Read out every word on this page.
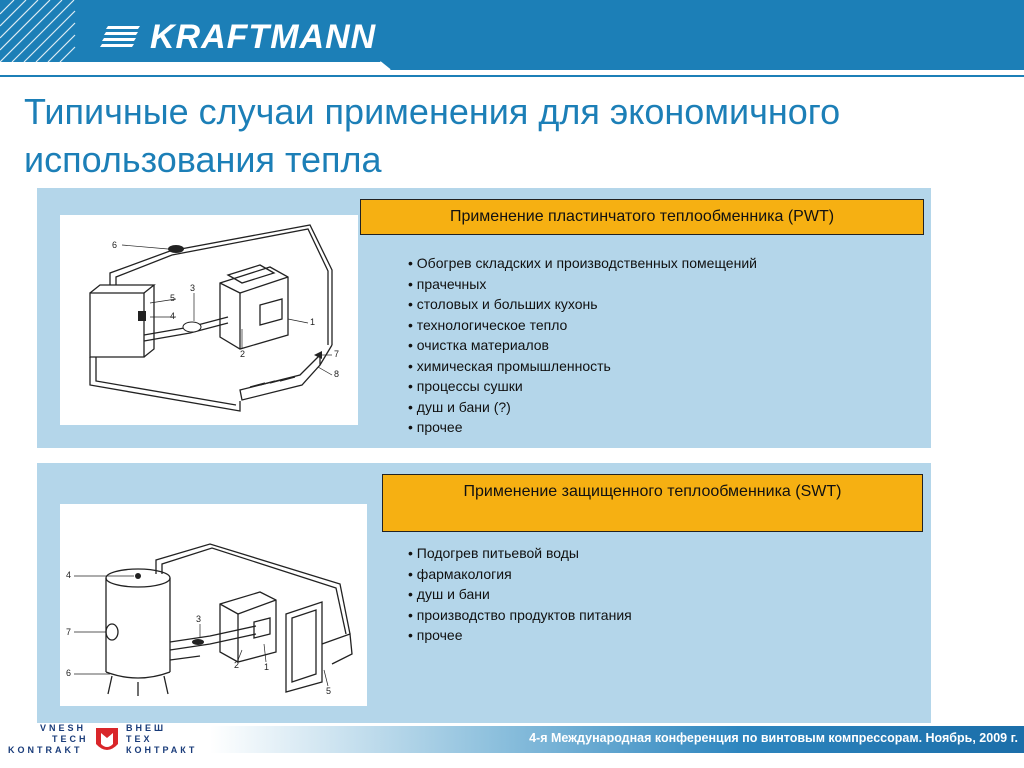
KRAFTMANN
Типичные случаи применения для экономичного использования тепла
6
5
4
3
2
1
7
8
Применение пластинчатого теплообменника (PWT)
• Обогрев складских и производственных помещений
• прачечных
• столовых и больших кухонь
• технологическое тепло
• очистка материалов
• химическая промышленность
• процессы сушки
• душ и бани (?)
• прочее
4
7
6
3
2	1
5
Применение защищенного теплообменника (SWT)
• Подогрев питьевой воды
• фармакология
• душ и бани
• производство продуктов питания
• прочее
VNESH
TECH
KONTRAKT
ВНЕШ
ТЕХ
КОНТРАКТ
4-я Международная конференция по винтовым компрессорам. Ноябрь, 2009 г.
